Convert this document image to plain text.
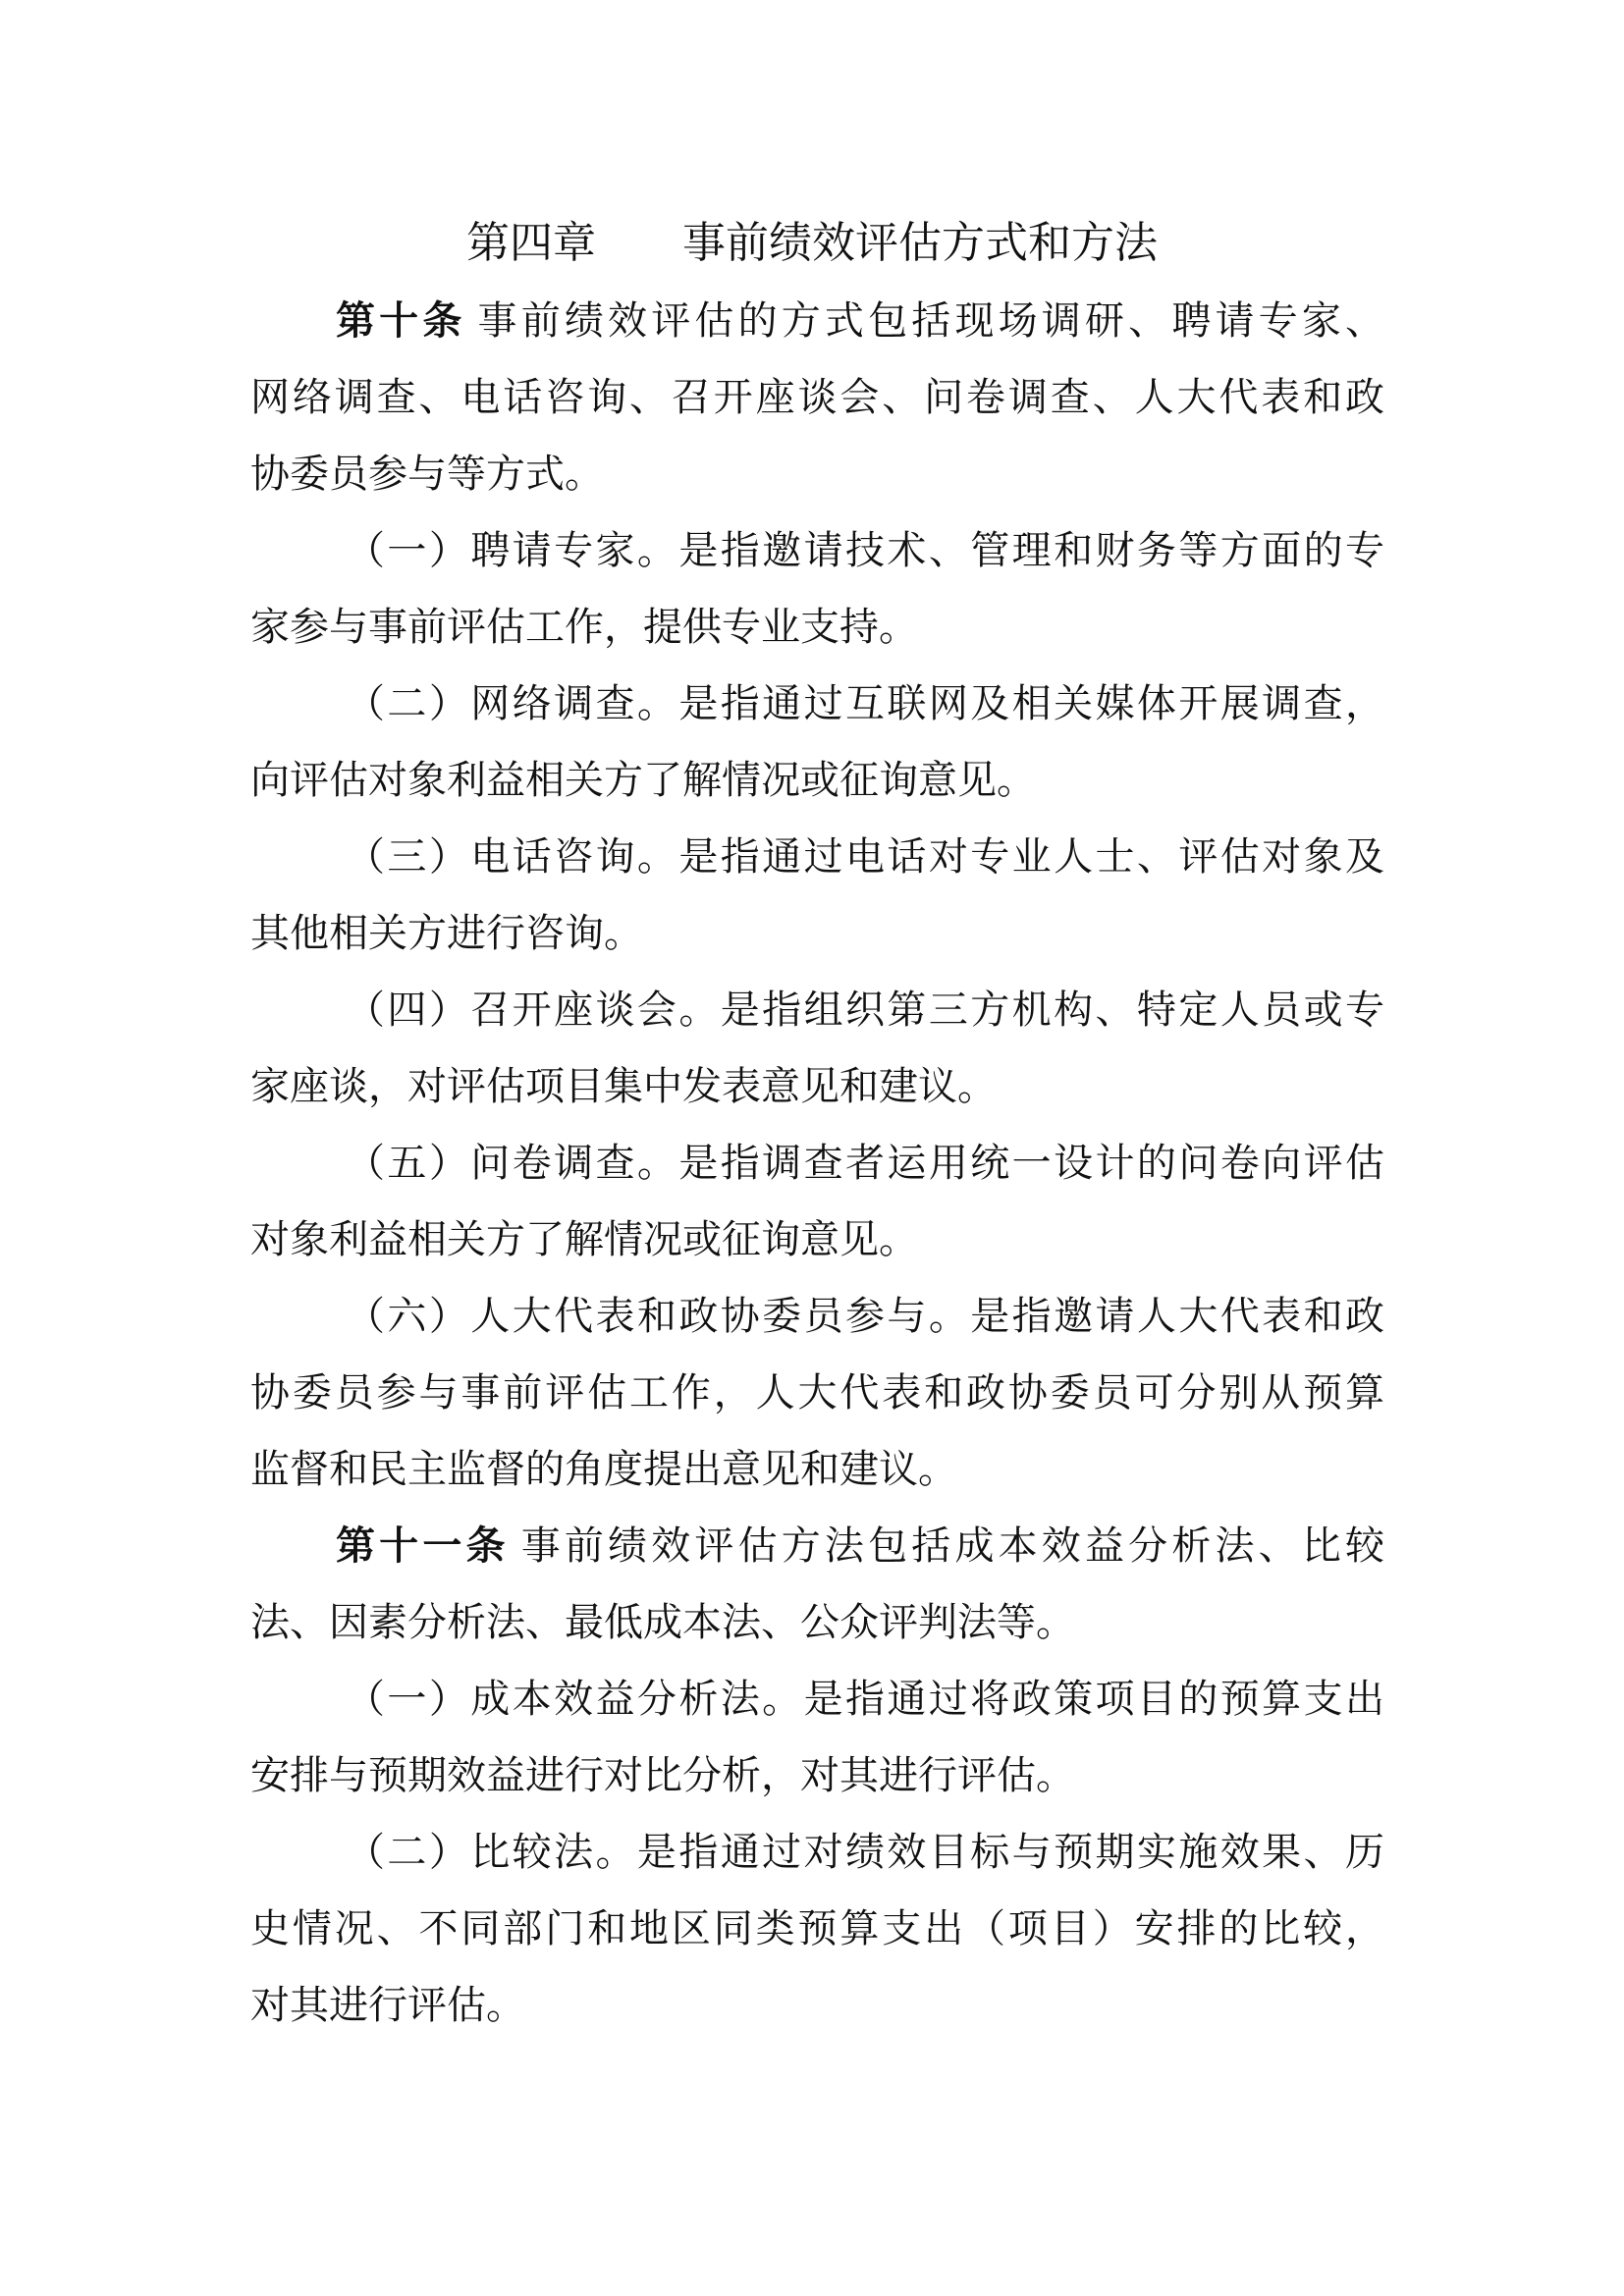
第四章 事前绩效评估方式和方法
第十条 事前绩效评估的方式包括现场调研、聘请专家、
网络调查、电话咨询、召开座谈会、问卷调查、人大代表和政
协委员参与等方式。
（一）聘请专家。是指邀请技术、管理和财务等方面的专
家参与事前评估工作，提供专业支持。
（二）网络调查。是指通过互联网及相关媒体开展调查，
向评估对象利益相关方了解情况或征询意见。
（三）电话咨询。是指通过电话对专业人士、评估对象及
其他相关方进行咨询。
（四）召开座谈会。是指组织第三方机构、特定人员或专
家座谈，对评估项目集中发表意见和建议。
（五）问卷调查。是指调查者运用统一设计的问卷向评估
对象利益相关方了解情况或征询意见。
（六）人大代表和政协委员参与。是指邀请人大代表和政
协委员参与事前评估工作，人大代表和政协委员可分别从预算
监督和民主监督的角度提出意见和建议。
第十一条 事前绩效评估方法包括成本效益分析法、比较
法、因素分析法、最低成本法、公众评判法等。
（一）成本效益分析法。是指通过将政策项目的预算支出
安排与预期效益进行对比分析，对其进行评估。
（二）比较法。是指通过对绩效目标与预期实施效果、历
史情况、不同部门和地区同类预算支出（项目）安排的比较，
对其进行评估。
